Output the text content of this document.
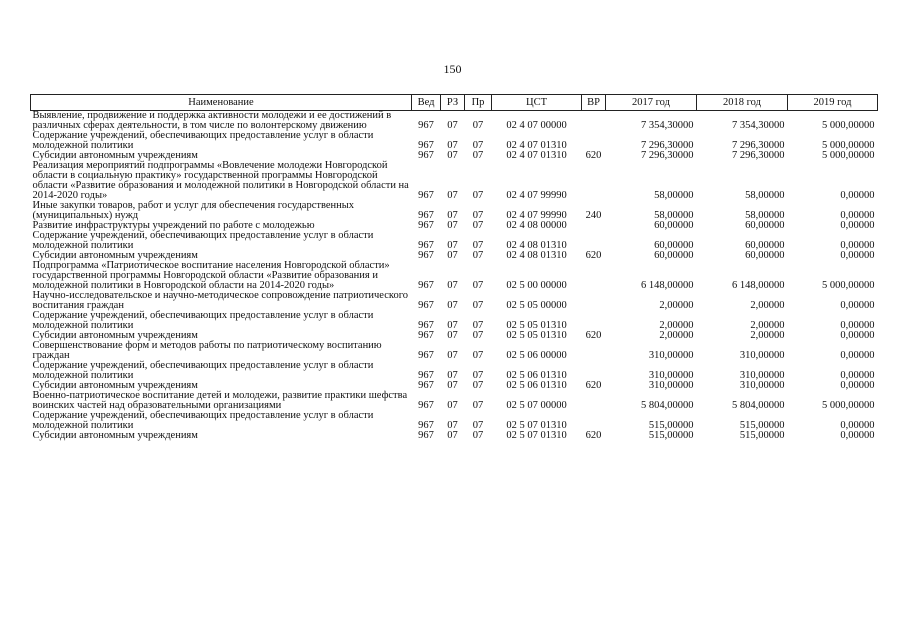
150
Наименование	Вед	РЗ	Пр	ЦСТ	ВР	2017 год	2018 год	2019 год
Выявление, продвижение и поддержка активности молодежи и ее достижений в различных сферах деятельности, в том числе по волонтерскому движению	967	07	07	02 4 07 00000		7 354,30000	7 354,30000	5 000,00000
Содержание учреждений, обеспечивающих предоставление услуг в области молодежной политики	967	07	07	02 4 07 01310		7 296,30000	7 296,30000	5 000,00000
Субсидии автономным учреждениям	967	07	07	02 4 07 01310	620	7 296,30000	7 296,30000	5 000,00000
Реализация мероприятий подпрограммы «Вовлечение молодежи Новгородской области в социальную практику» государственной программы Новгородской области «Развитие образования и молодежной политики в Новгородской области на 2014-2020 годы»	967	07	07	02 4 07 99990		58,00000	58,00000	0,00000
Иные закупки товаров, работ и услуг для обеспечения государственных (муниципальных) нужд	967	07	07	02 4 07 99990	240	58,00000	58,00000	0,00000
Развитие инфраструктуры учреждений по работе с молодежью	967	07	07	02 4 08 00000		60,00000	60,00000	0,00000
Содержание учреждений, обеспечивающих предоставление услуг в области молодежной политики	967	07	07	02 4 08 01310		60,00000	60,00000	0,00000
Субсидии автономным учреждениям	967	07	07	02 4 08 01310	620	60,00000	60,00000	0,00000
Подпрограмма «Патриотическое воспитание населения Новгородской области» государственной программы Новгородской области «Развитие образования и молодежной политики в Новгородской области на 2014-2020 годы»	967	07	07	02 5 00 00000		6 148,00000	6 148,00000	5 000,00000
Научно-исследовательское и научно-методическое сопровождение патриотического воспитания граждан	967	07	07	02 5 05 00000		2,00000	2,00000	0,00000
Содержание учреждений, обеспечивающих предоставление услуг в области молодежной политики	967	07	07	02 5 05 01310		2,00000	2,00000	0,00000
Субсидии автономным учреждениям	967	07	07	02 5 05 01310	620	2,00000	2,00000	0,00000
Совершенствование форм и методов работы по патриотическому воспитанию граждан	967	07	07	02 5 06 00000		310,00000	310,00000	0,00000
Содержание учреждений, обеспечивающих предоставление услуг в области молодежной политики	967	07	07	02 5 06 01310		310,00000	310,00000	0,00000
Субсидии автономным учреждениям	967	07	07	02 5 06 01310	620	310,00000	310,00000	0,00000
Военно-патриотическое воспитание детей и молодежи, развитие практики шефства воинских частей над образовательными организациями	967	07	07	02 5 07 00000		5 804,00000	5 804,00000	5 000,00000
Содержание учреждений, обеспечивающих предоставление услуг в области молодежной политики	967	07	07	02 5 07 01310		515,00000	515,00000	0,00000
Субсидии автономным учреждениям	967	07	07	02 5 07 01310	620	515,00000	515,00000	0,00000
